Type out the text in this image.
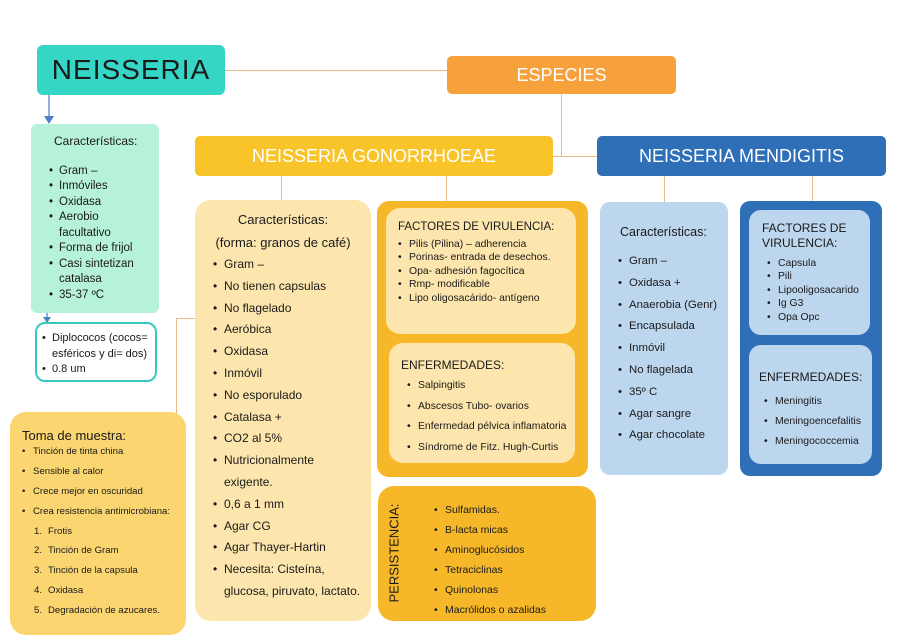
NEISSERIA	ESPECIES
NEISSERIA GONORRHOEAE	NEISSERIA MENDIGITIS
Características:
• Gram –
• Inmóviles
• Oxidasa
• Aerobio facultativo
• Forma de frijol
• Casi sintetizan catalasa
• 35-37 ºC
• Diplococos (cocos= esféricos y di= dos)
• 0.8 um
Toma de muestra:
• Tinción de tinta china
• Sensible al calor
• Crece mejor en oscuridad
• Crea resistencia antimicrobiana:
1. Frotis
2. Tinción de Gram
3. Tinción de la capsula
4. Oxidasa
5. Degradación de azucares.
Características:
(forma: granos de café)
• Gram –
• No tienen capsulas
• No flagelado
• Aeróbica
• Oxidasa
• Inmóvil
• No esporulado
• Catalasa +
• CO2 al 5%
• Nutricionalmente exigente.
• 0,6 a 1 mm
• Agar CG
• Agar Thayer-Hartin
• Necesita: Cisteína,
glucosa, piruvato, lactato.
FACTORES DE VIRULENCIA:
• Pilis (Pilina) – adherencia
• Porinas- entrada de desechos.
• Opa- adhesión fagocítica
• Rmp- modificable
• Lipo oligosacárido- antígeno
ENFERMEDADES:
• Salpingitis
• Abscesos Tubo- ovarios
• Enfermedad pélvica inflamatoria
• Síndrome de Fitz. Hugh-Curtis
• Sulfamidas.
• B-lacta micas
• Aminoglucósidos
• Tetraciclinas
• Quinolonas
• Macrólidos o azalidas
PERSISTENCIA:
Características:
• Gram –
• Oxidasa +
• Anaerobia (Genr)
• Encapsulada
• Inmóvil
• No flagelada
• 35º C
• Agar sangre
• Agar chocolate
FACTORES DE VIRULENCIA:
• Capsula
• Pili
• Lipooligosacarido
• Ig G3
• Opa Opc
ENFERMEDADES:
• Meningitis
• Meningoencefalitis
• Meningococcemia
